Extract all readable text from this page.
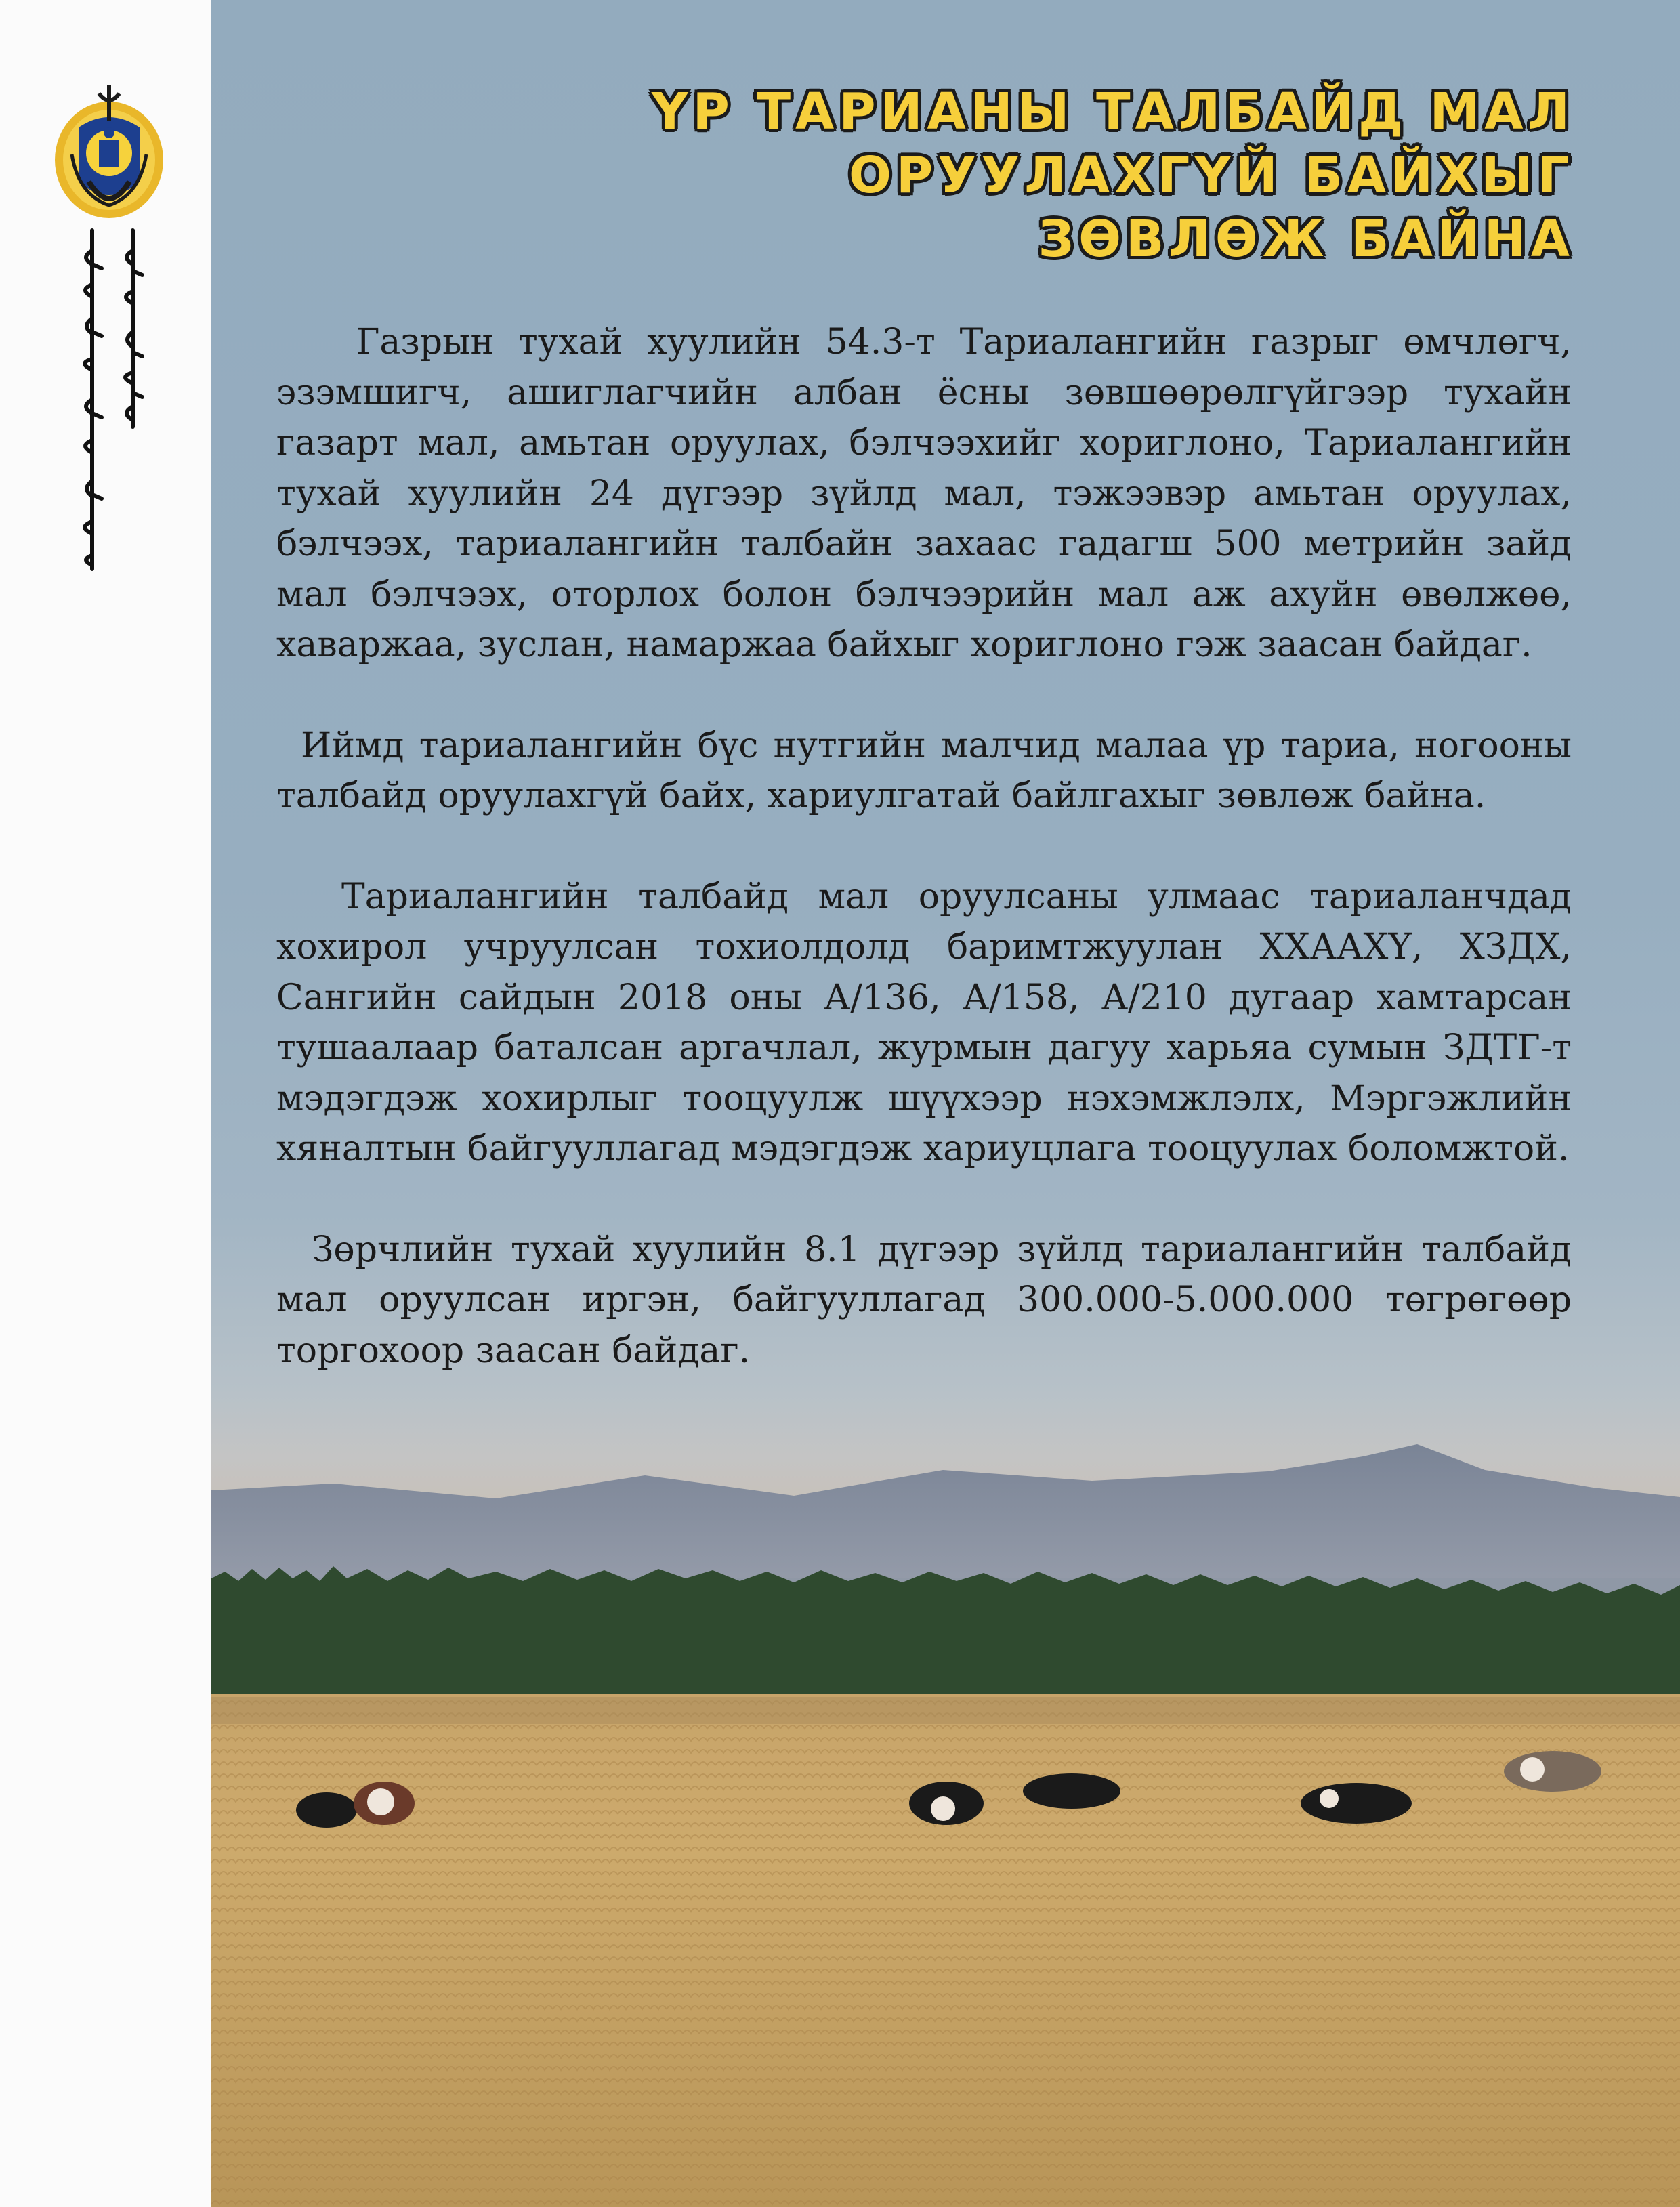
ҮР ТАРИАНЫ ТАЛБАЙД МАЛ
ОРУУЛАХГҮЙ БАЙХЫГ
ЗӨВЛӨЖ БАЙНА

Газрын тухай хуулийн 54.3-т Тариалангийн газрыг өмчлөгч, эзэмшигч, ашиглагчийн албан ёсны зөвшөөрөлгүйгээр тухайн газарт мал, амьтан оруулах, бэлчээхийг хориглоно, Тариалангийн тухай хуулийн 24 дүгээр зүйлд мал, тэжээвэр амьтан оруулах, бэлчээх, тариалангийн талбайн захаас гадагш 500 метрийн зайд мал бэлчээх, оторлох болон бэлчээрийн мал аж ахуйн өвөлжөө, хаваржаа, зуслан, намаржаа байхыг хориглоно гэж заасан байдаг.

Иймд тариалангийн бүс нутгийн малчид малаа үр тариа, ногооны талбайд оруулахгүй байх, хариулгатай байлгахыг зөвлөж байна.

Тариалангийн талбайд мал оруулсаны улмаас тариаланчдад хохирол учруулсан тохиолдолд баримтжуулан ХХААХҮ, ХЗДХ, Сангийн сайдын 2018 оны А/136, А/158, А/210 дугаар хамтарсан тушаалаар баталсан аргачлал, журмын дагуу харьяа сумын ЗДТГ-т мэдэгдэж хохирлыг тооцуулж шүүхээр нэхэмжлэлх, Мэргэжлийн хяналтын байгууллагад мэдэгдэж хариуцлага тооцуулах боломжтой.

Зөрчлийн тухай хуулийн 8.1 дүгээр зүйлд тариалангийн талбайд мал оруулсан иргэн, байгууллагад 300.000-5.000.000 төгрөгөөр торгохоор заасан байдаг.
